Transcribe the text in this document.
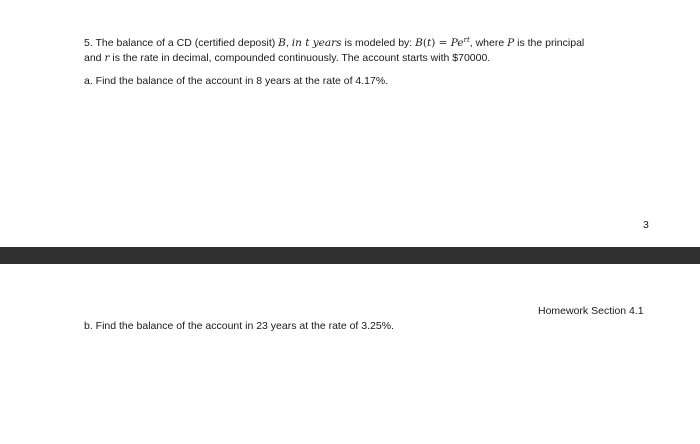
5. The balance of a CD (certified deposit) B, in t years is modeled by: $B(t) = Pe^{rt}$, where P is the principal
and r is the rate in decimal, compounded continuously. The account starts with $70000.
a. Find the balance of the account in 8 years at the rate of 4.17%.
3
Homework Section 4.1
b. Find the balance of the account in 23 years at the rate of 3.25%.
